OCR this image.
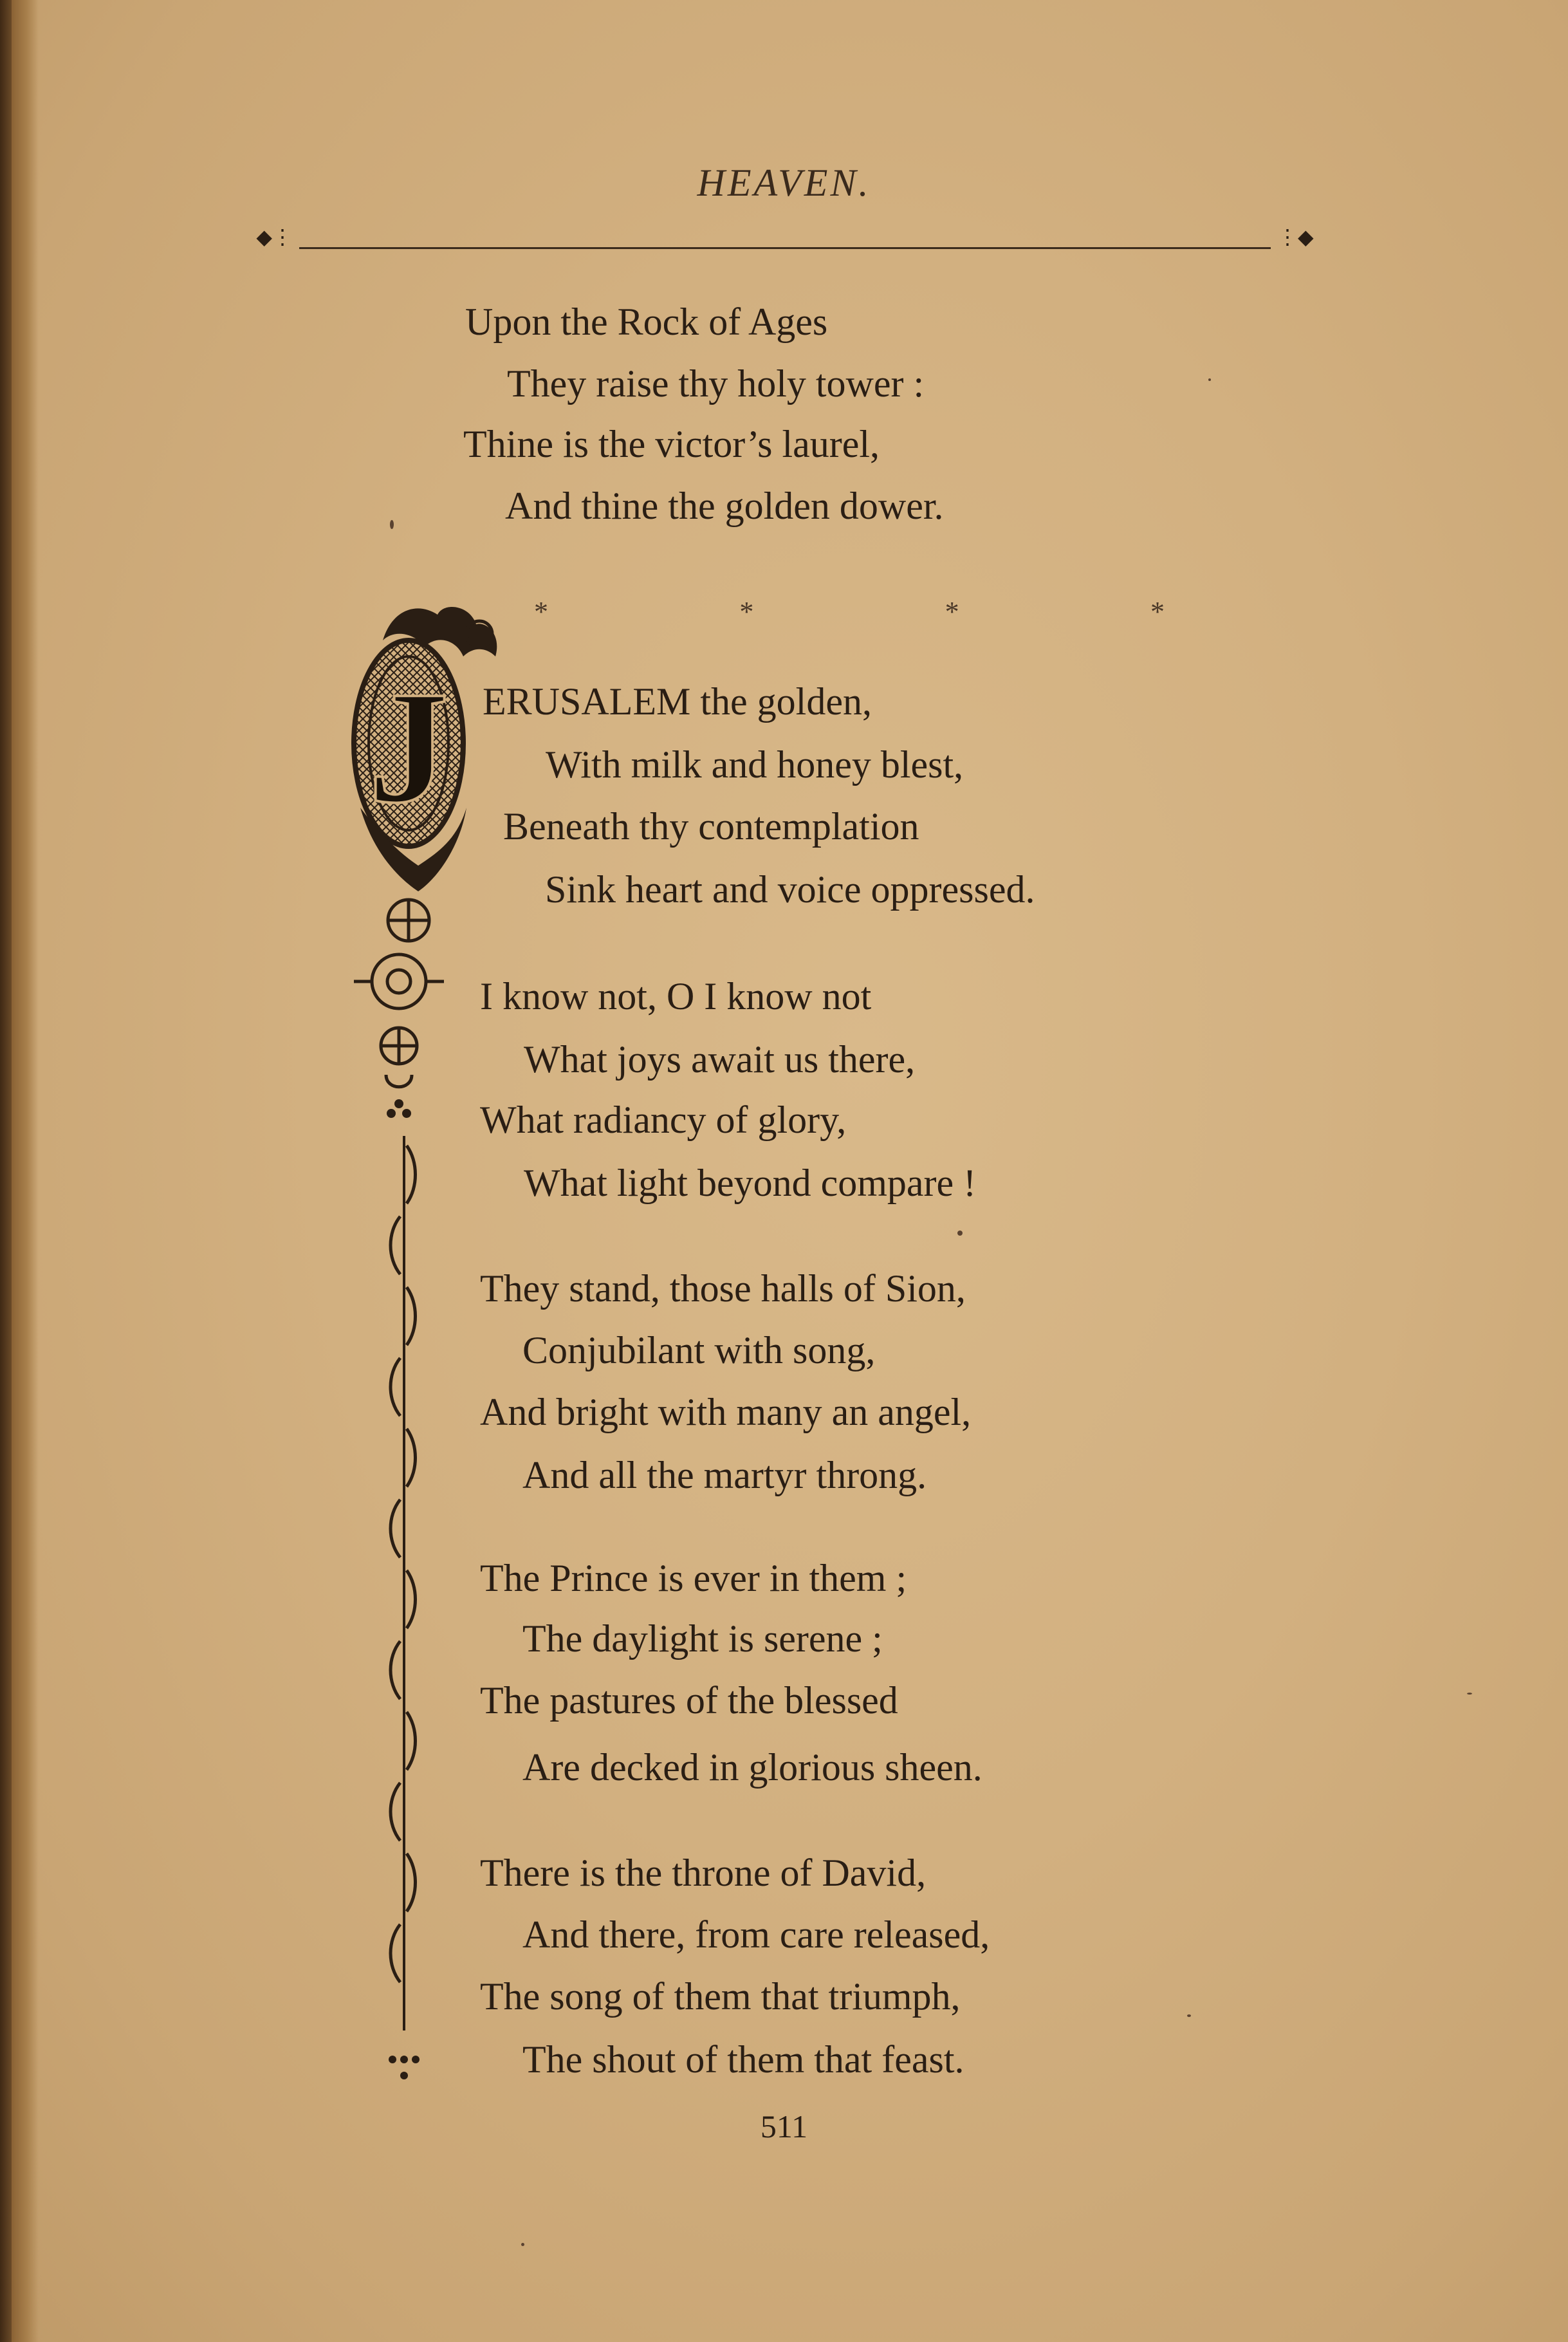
HEAVEN.
◆⋮	⋮◆
Upon the Rock of Ages
They raise thy holy tower :
Thine is the victor’s laurel,
And thine the golden dower.
ERUSALEM the golden,
With milk and honey blest,
Beneath thy contemplation
Sink heart and voice oppressed.
I know not, O I know not
What joys await us there,
What radiancy of glory,
What light beyond compare !
They stand, those halls of Sion,
Conjubilant with song,
And bright with many an angel,
And all the martyr throng.
The Prince is ever in them ;
The daylight is serene ;
The pastures of the blessed
Are decked in glorious sheen.
There is the throne of David,
And there, from care released,
The song of them that triumph,
The shout of them that feast.
*	*	*	*
J
511
